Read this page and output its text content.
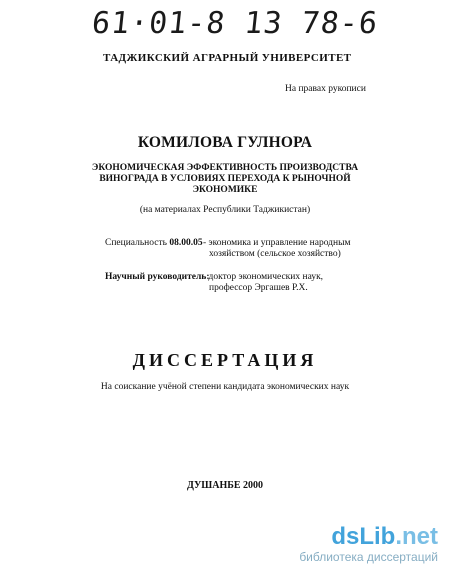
61·01-8 13 78-6
ТАДЖИКСКИЙ АГРАРНЫЙ УНИВЕРСИТЕТ
На правах рукописи
КОМИЛОВА ГУЛНОРА
ЭКОНОМИЧЕСКАЯ ЭФФЕКТИВНОСТЬ ПРОИЗВОДСТВА
ВИНОГРАДА В УСЛОВИЯХ ПЕРЕХОДА К РЫНОЧНОЙ
ЭКОНОМИКЕ
(на материалах Республики Таджикистан)
Специальность 08.00.05 - экономика и управление народным
хозяйством (сельское хозяйство)
Научный руководитель:
- доктор экономических наук,
профессор Эргашев Р.Х.
ДИССЕРТАЦИЯ
На соискание учёной степени кандидата экономических наук
ДУШАНБЕ 2000
dsLib.net
библиотека диссертаций
